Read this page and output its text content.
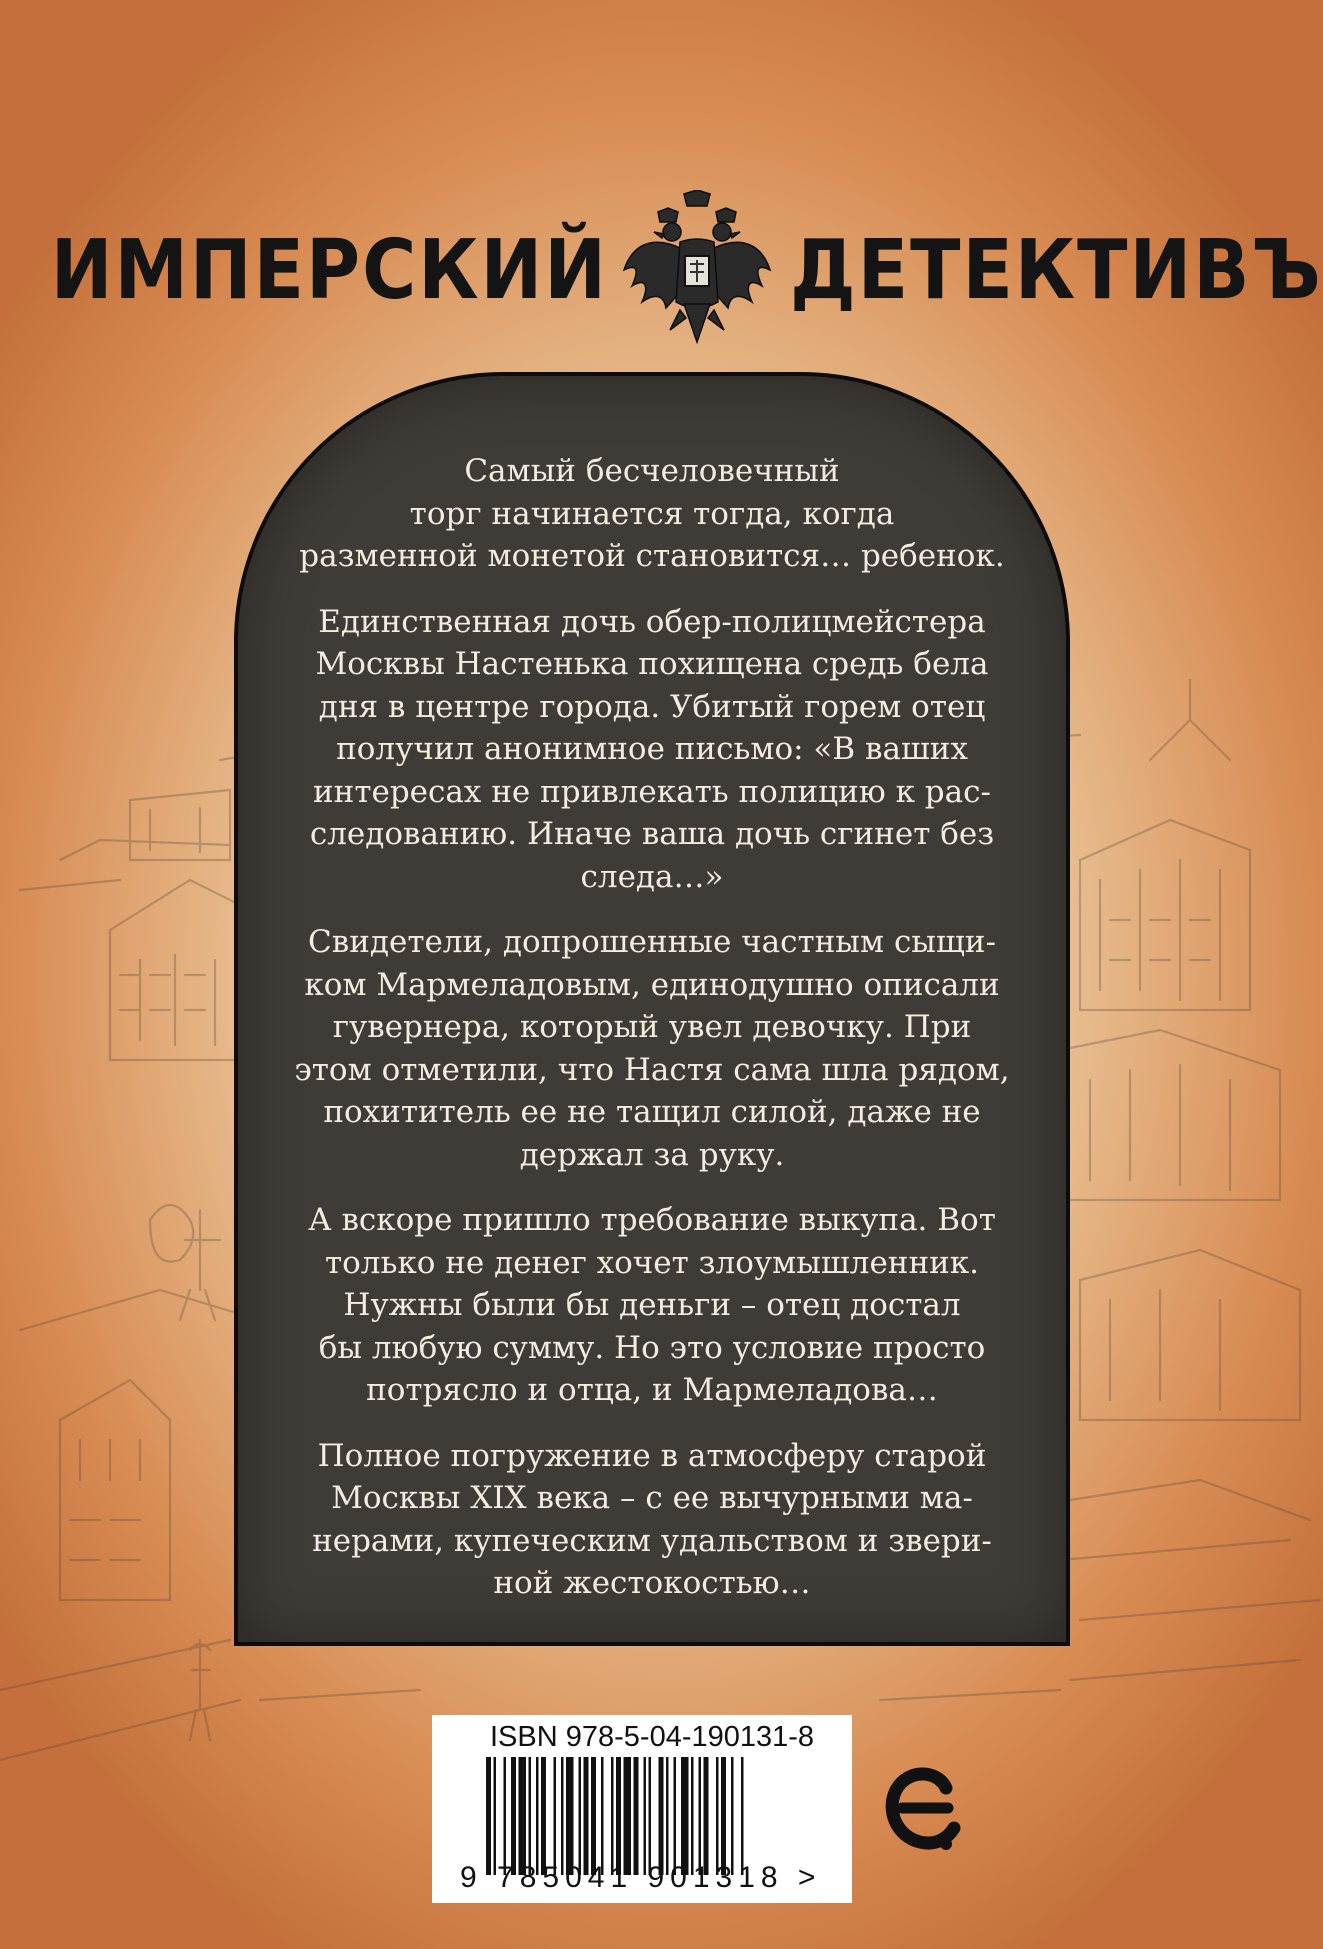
ИМПЕРСКИЙ ДЕТЕКТИВЪ

Самый бесчеловечный
торг начинается тогда, когда
разменной монетой становится… ребенок.

Единственная дочь обер-полицмейстера
Москвы Настенька похищена средь бела
дня в центре города. Убитый горем отец
получил анонимное письмо: «В ваших
интересах не привлекать полицию к рас-
следованию. Иначе ваша дочь сгинет без
следа…»

Свидетели, допрошенные частным сыщи-
ком Мармеладовым, единодушно описали
гувернера, который увел девочку. При
этом отметили, что Настя сама шла рядом,
похититель ее не тащил силой, даже не
держал за руку.

А вскоре пришло требование выкупа. Вот
только не денег хочет злоумышленник.
Нужны были бы деньги – отец достал
бы любую сумму. Но это условие просто
потрясло и отца, и Мармеладова…

Полное погружение в атмосферу старой
Москвы XIX века – с ее вычурными ма-
нерами, купеческим удальством и звери-
ной жестокостью…

ISBN 978-5-04-190131-8
9 785041 901318 >
